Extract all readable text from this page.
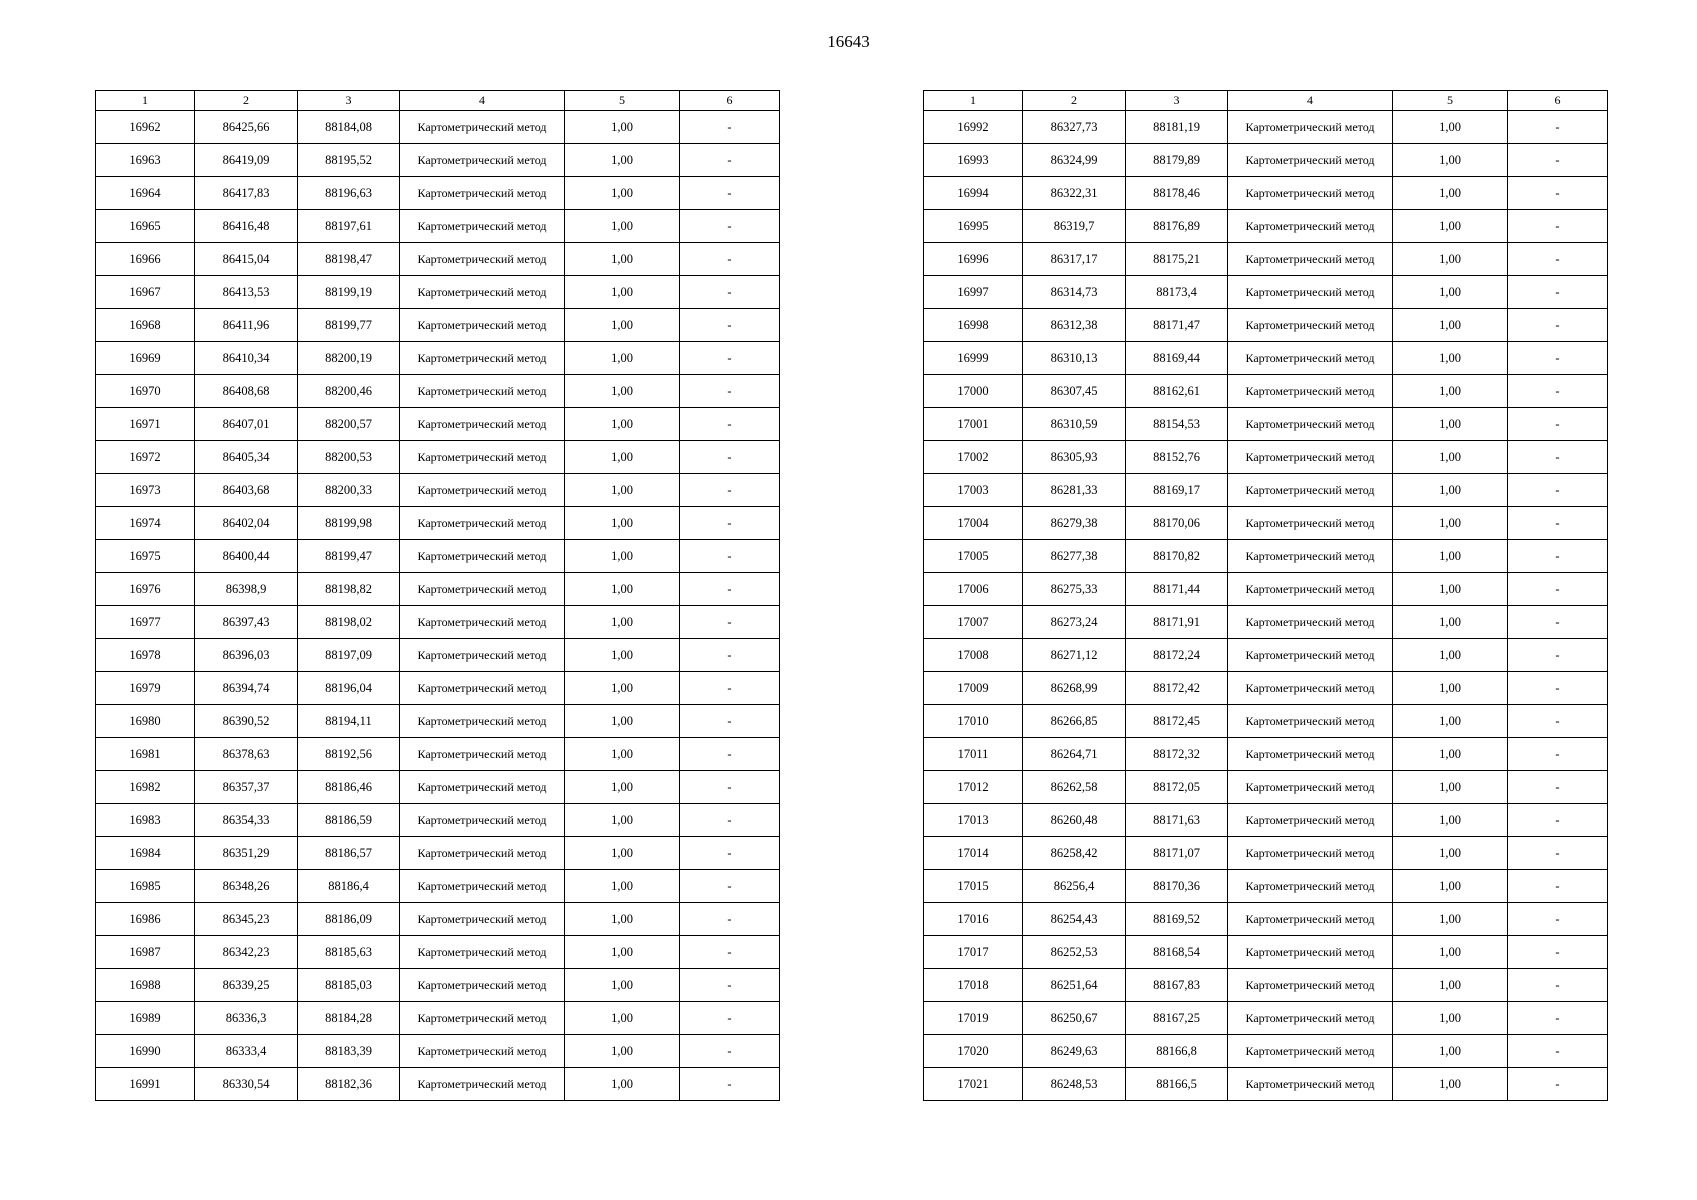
16643
1	2	3	4	5	6
16962	86425,66	88184,08	Картометрический метод	1,00	-
16963	86419,09	88195,52	Картометрический метод	1,00	-
16964	86417,83	88196,63	Картометрический метод	1,00	-
16965	86416,48	88197,61	Картометрический метод	1,00	-
16966	86415,04	88198,47	Картометрический метод	1,00	-
16967	86413,53	88199,19	Картометрический метод	1,00	-
16968	86411,96	88199,77	Картометрический метод	1,00	-
16969	86410,34	88200,19	Картометрический метод	1,00	-
16970	86408,68	88200,46	Картометрический метод	1,00	-
16971	86407,01	88200,57	Картометрический метод	1,00	-
16972	86405,34	88200,53	Картометрический метод	1,00	-
16973	86403,68	88200,33	Картометрический метод	1,00	-
16974	86402,04	88199,98	Картометрический метод	1,00	-
16975	86400,44	88199,47	Картометрический метод	1,00	-
16976	86398,9	88198,82	Картометрический метод	1,00	-
16977	86397,43	88198,02	Картометрический метод	1,00	-
16978	86396,03	88197,09	Картометрический метод	1,00	-
16979	86394,74	88196,04	Картометрический метод	1,00	-
16980	86390,52	88194,11	Картометрический метод	1,00	-
16981	86378,63	88192,56	Картометрический метод	1,00	-
16982	86357,37	88186,46	Картометрический метод	1,00	-
16983	86354,33	88186,59	Картометрический метод	1,00	-
16984	86351,29	88186,57	Картометрический метод	1,00	-
16985	86348,26	88186,4	Картометрический метод	1,00	-
16986	86345,23	88186,09	Картометрический метод	1,00	-
16987	86342,23	88185,63	Картометрический метод	1,00	-
16988	86339,25	88185,03	Картометрический метод	1,00	-
16989	86336,3	88184,28	Картометрический метод	1,00	-
16990	86333,4	88183,39	Картометрический метод	1,00	-
16991	86330,54	88182,36	Картометрический метод	1,00	-
1	2	3	4	5	6
16992	86327,73	88181,19	Картометрический метод	1,00	-
16993	86324,99	88179,89	Картометрический метод	1,00	-
16994	86322,31	88178,46	Картометрический метод	1,00	-
16995	86319,7	88176,89	Картометрический метод	1,00	-
16996	86317,17	88175,21	Картометрический метод	1,00	-
16997	86314,73	88173,4	Картометрический метод	1,00	-
16998	86312,38	88171,47	Картометрический метод	1,00	-
16999	86310,13	88169,44	Картометрический метод	1,00	-
17000	86307,45	88162,61	Картометрический метод	1,00	-
17001	86310,59	88154,53	Картометрический метод	1,00	-
17002	86305,93	88152,76	Картометрический метод	1,00	-
17003	86281,33	88169,17	Картометрический метод	1,00	-
17004	86279,38	88170,06	Картометрический метод	1,00	-
17005	86277,38	88170,82	Картометрический метод	1,00	-
17006	86275,33	88171,44	Картометрический метод	1,00	-
17007	86273,24	88171,91	Картометрический метод	1,00	-
17008	86271,12	88172,24	Картометрический метод	1,00	-
17009	86268,99	88172,42	Картометрический метод	1,00	-
17010	86266,85	88172,45	Картометрический метод	1,00	-
17011	86264,71	88172,32	Картометрический метод	1,00	-
17012	86262,58	88172,05	Картометрический метод	1,00	-
17013	86260,48	88171,63	Картометрический метод	1,00	-
17014	86258,42	88171,07	Картометрический метод	1,00	-
17015	86256,4	88170,36	Картометрический метод	1,00	-
17016	86254,43	88169,52	Картометрический метод	1,00	-
17017	86252,53	88168,54	Картометрический метод	1,00	-
17018	86251,64	88167,83	Картометрический метод	1,00	-
17019	86250,67	88167,25	Картометрический метод	1,00	-
17020	86249,63	88166,8	Картометрический метод	1,00	-
17021	86248,53	88166,5	Картометрический метод	1,00	-
